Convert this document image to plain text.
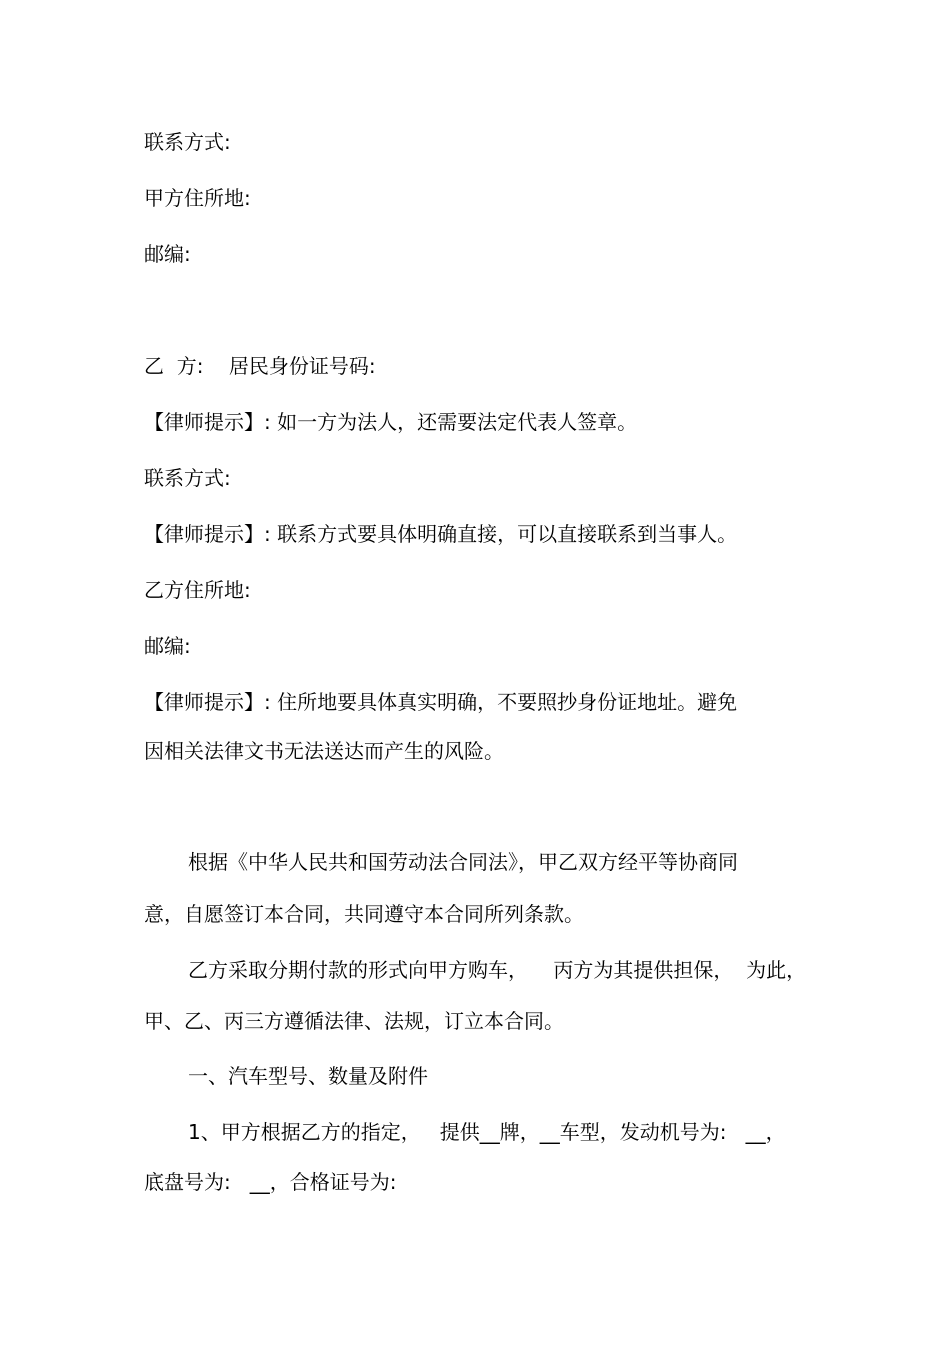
联系方式:

甲方住所地:

邮编:

乙  方:    居民身份证号码:

【律师提示】: 如一方为法人，还需要法定代表人签章。

联系方式:

【律师提示】: 联系方式要具体明确直接，可以直接联系到当事人。

乙方住所地:

邮编:

【律师提示】: 住所地要具体真实明确，不要照抄身份证地址。避免

因相关法律文书无法送达而产生的风险。

根据《中华人民共和国劳动法合同法》，甲乙双方经平等协商同

意，自愿签订本合同，共同遵守本合同所列条款。

乙方采取分期付款的形式向甲方购车，    丙方为其提供担保，  为此，

甲、乙、丙三方遵循法律、法规，订立本合同。

一、汽车型号、数量及附件

1、甲方根据乙方的指定，   提供__牌，__车型，发动机号为:   __，

底盘号为:   __，合格证号为:
